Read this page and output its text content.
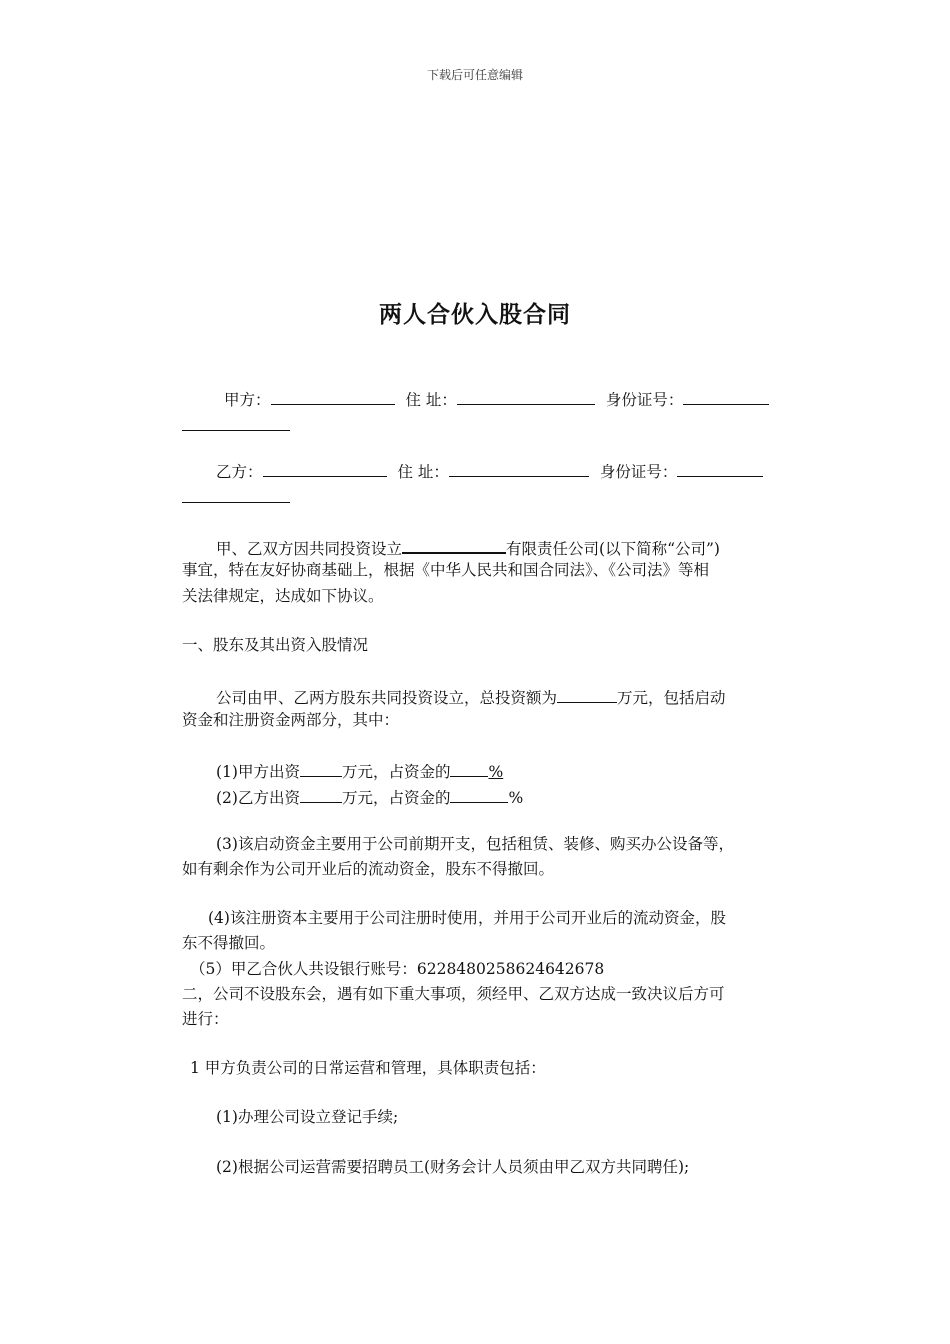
下载后可任意编辑
两人合伙入股合同
甲方：	住 址：	身份证号：
乙方：	住 址：	身份证号：
甲、乙双方因共同投资设立	有限责任公司(以下简称“公司”)
事宜，特在友好协商基础上，根据《中华人民共和国合同法》、《公司法》等相
关法律规定，达成如下协议。
一、股东及其出资入股情况
公司由甲、乙两方股东共同投资设立，总投资额为	万元，包括启动
资金和注册资金两部分，其中：
(1)甲方出资	万元，占资金的 %
(2)乙方出资	万元，占资金的	%
(3)该启动资金主要用于公司前期开支，包括租赁、装修、购买办公设备等，
如有剩余作为公司开业后的流动资金，股东不得撤回。
(4)该注册资本主要用于公司注册时使用，并用于公司开业后的流动资金，股
东不得撤回。
（5）甲乙合伙人共设银行账号：6228480258624642678
二，公司不设股东会，遇有如下重大事项，须经甲、乙双方达成一致决议后方可
进行：
1 甲方负责公司的日常运营和管理，具体职责包括：
(1)办理公司设立登记手续;
(2)根据公司运营需要招聘员工(财务会计人员须由甲乙双方共同聘任);
